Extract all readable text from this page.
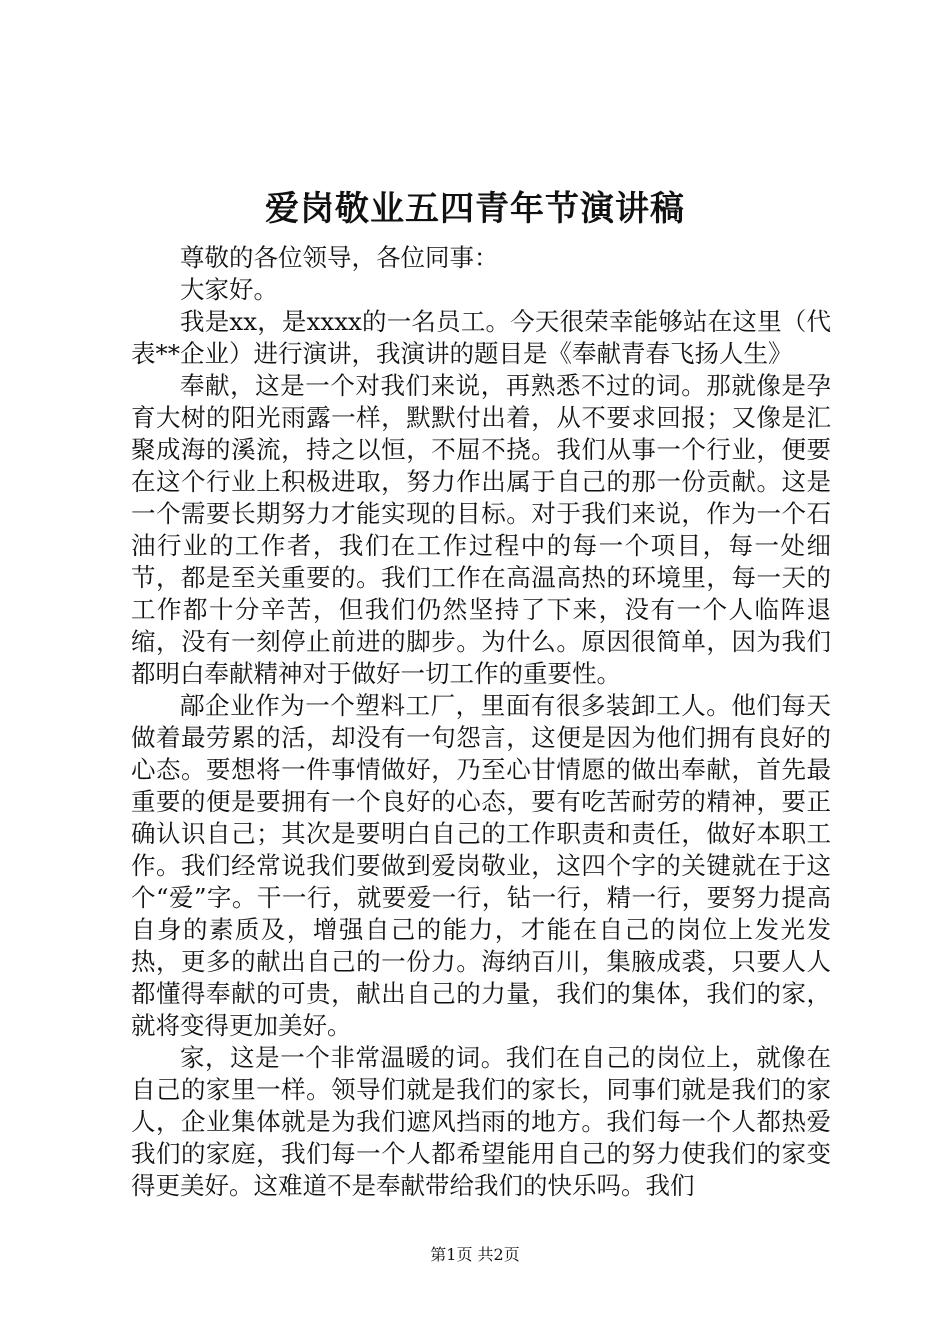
爱岗敬业五四青年节演讲稿

尊敬的各位领导，各位同事：

大家好。

我是xx，是xxxx的一名员工。今天很荣幸能够站在这里（代表**企业）进行演讲，我演讲的题目是《奉献青春飞扬人生》

奉献，这是一个对我们来说，再熟悉不过的词。那就像是孕育大树的阳光雨露一样，默默付出着，从不要求回报；又像是汇聚成海的溪流，持之以恒，不屈不挠。我们从事一个行业，便要在这个行业上积极进取，努力作出属于自己的那一份贡献。这是一个需要长期努力才能实现的目标。对于我们来说，作为一个石油行业的工作者，我们在工作过程中的每一个项目，每一处细节，都是至关重要的。我们工作在高温高热的环境里，每一天的工作都十分辛苦，但我们仍然坚持了下来，没有一个人临阵退缩，没有一刻停止前进的脚步。为什么。原因很简单，因为我们都明白奉献精神对于做好一切工作的重要性。

鄗企业作为一个塑料工厂，里面有很多装卸工人。他们每天做着最劳累的活，却没有一句怨言，这便是因为他们拥有良好的心态。要想将一件事情做好，乃至心甘情愿的做出奉献，首先最重要的便是要拥有一个良好的心态，要有吃苦耐劳的精神，要正确认识自己；其次是要明白自己的工作职责和责任，做好本职工作。我们经常说我们要做到爱岗敬业，这四个字的关键就在于这个“爱”字。干一行，就要爱一行，钻一行，精一行，要努力提高自身的素质及，增强自己的能力，才能在自己的岗位上发光发热，更多的献出自己的一份力。海纳百川，集腋成裘，只要人人都懂得奉献的可贵，献出自己的力量，我们的集体，我们的家，就将变得更加美好。

家，这是一个非常温暖的词。我们在自己的岗位上，就像在自己的家里一样。领导们就是我们的家长，同事们就是我们的家人，企业集体就是为我们遮风挡雨的地方。我们每一个人都热爱我们的家庭，我们每一个人都希望能用自己的努力使我们的家变得更美好。这难道不是奉献带给我们的快乐吗。我们

第1页 共2页
